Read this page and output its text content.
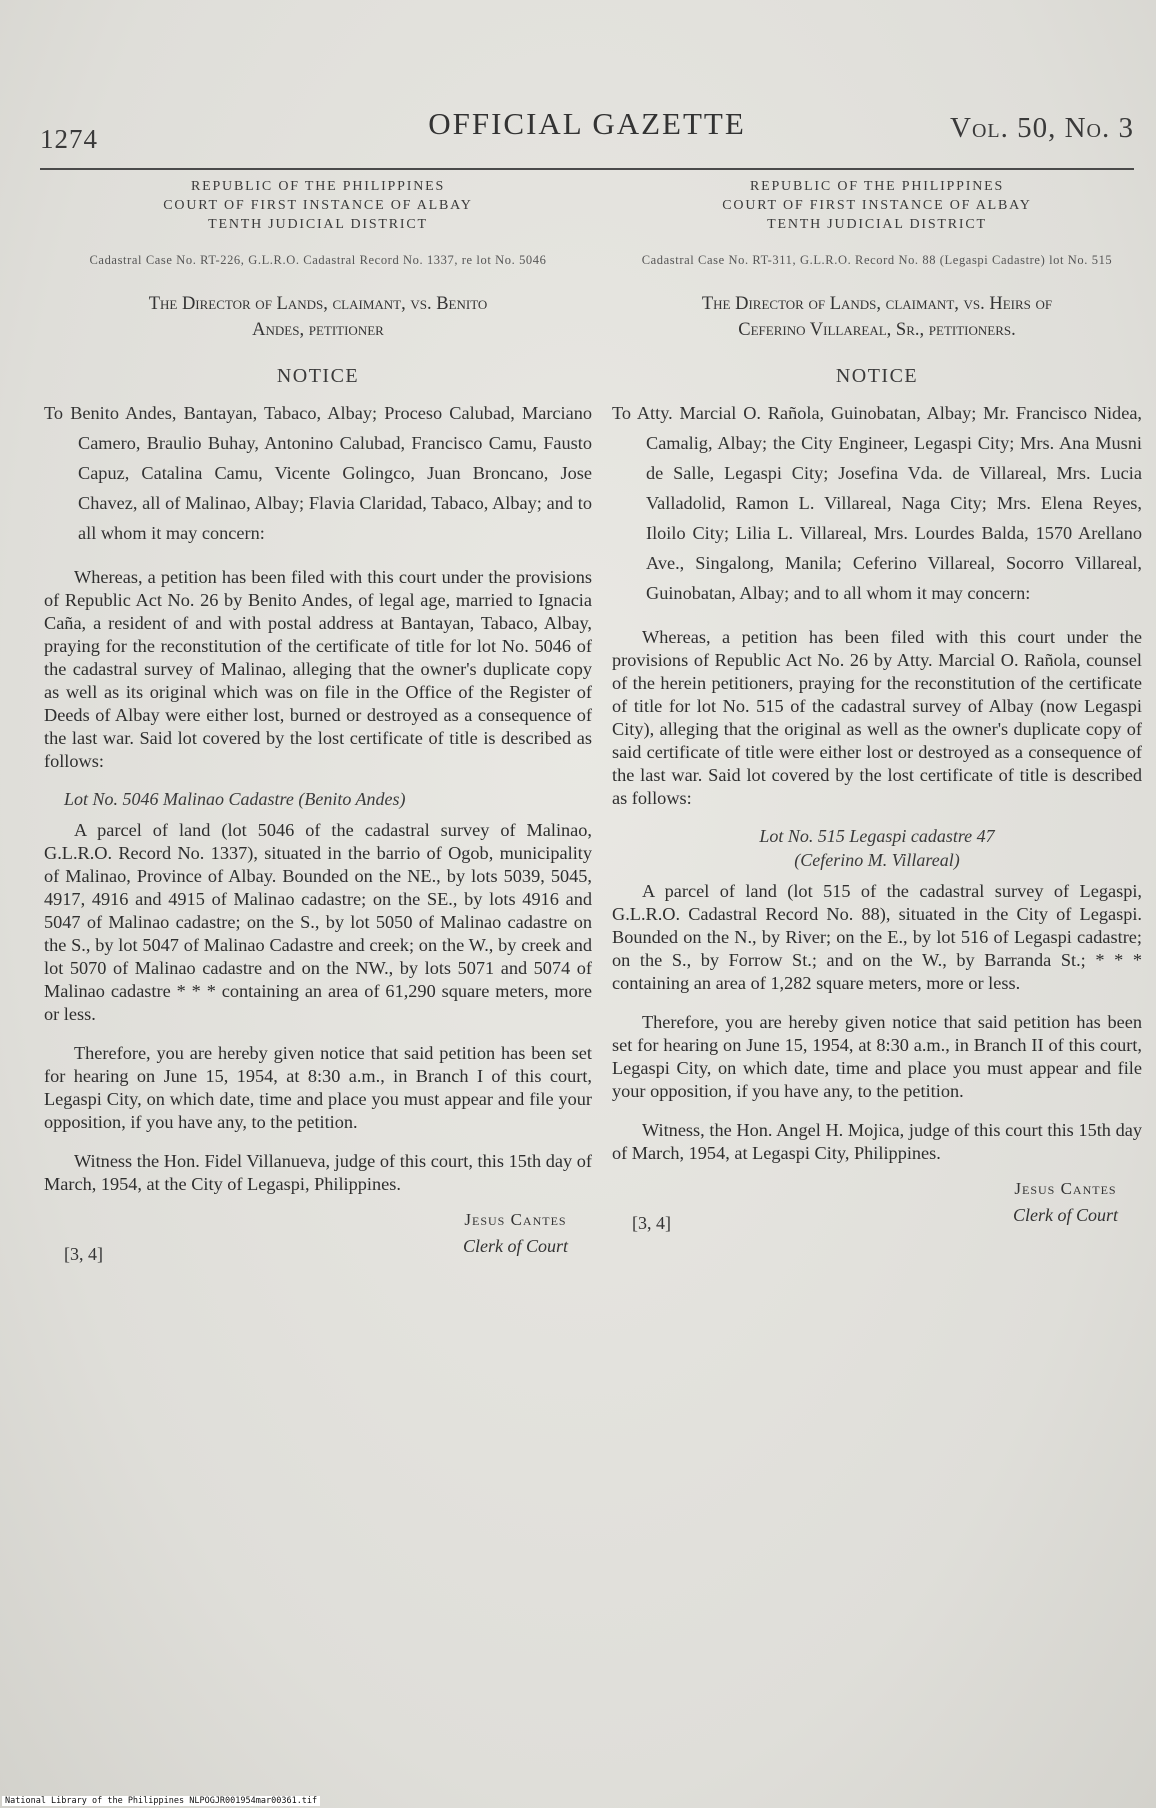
1274	OFFICIAL GAZETTE	Vol. 50, No. 3
REPUBLIC OF THE PHILIPPINES
COURT OF FIRST INSTANCE OF ALBAY
TENTH JUDICIAL DISTRICT
Cadastral Case No. RT-226, G.L.R.O. Cadastral Record No. 1337, re lot No. 5046
The Director of Lands, claimant, vs. Benito
Andes, petitioner
NOTICE

To Benito Andes, Bantayan, Tabaco, Albay; Proceso Calubad, Marciano Camero, Braulio Buhay, Antonino Calubad, Francisco Camu, Fausto Capuz, Catalina Camu, Vicente Golingco, Juan Broncano, Jose Chavez, all of Malinao, Albay; Flavia Claridad, Tabaco, Albay; and to all whom it may concern:

Whereas, a petition has been filed with this court under the provisions of Republic Act No. 26 by Benito Andes, of legal age, married to Ignacia Caña, a resident of and with postal address at Bantayan, Tabaco, Albay, praying for the reconstitution of the certificate of title for lot No. 5046 of the cadastral survey of Malinao, alleging that the owner's duplicate copy as well as its original which was on file in the Office of the Register of Deeds of Albay were either lost, burned or destroyed as a consequence of the last war. Said lot covered by the lost certificate of title is described as follows:

Lot No. 5046 Malinao Cadastre (Benito Andes)

A parcel of land (lot 5046 of the cadastral survey of Malinao, G.L.R.O. Record No. 1337), situated in the barrio of Ogob, municipality of Malinao, Province of Albay. Bounded on the NE., by lots 5039, 5045, 4917, 4916 and 4915 of Malinao cadastre; on the SE., by lots 4916 and 5047 of Malinao cadastre; on the S., by lot 5050 of Malinao cadastre on the S., by lot 5047 of Malinao Cadastre and creek; on the W., by creek and lot 5070 of Malinao cadastre and on the NW., by lots 5071 and 5074 of Malinao cadastre * * * containing an area of 61,290 square meters, more or less.

Therefore, you are hereby given notice that said petition has been set for hearing on June 15, 1954, at 8:30 a.m., in Branch I of this court, Legaspi City, on which date, time and place you must appear and file your opposition, if you have any, to the petition.

Witness the Hon. Fidel Villanueva, judge of this court, this 15th day of March, 1954, at the City of Legaspi, Philippines.

[3, 4]
Jesus Cantes
Clerk of Court
REPUBLIC OF THE PHILIPPINES
COURT OF FIRST INSTANCE OF ALBAY
TENTH JUDICIAL DISTRICT
Cadastral Case No. RT-311, G.L.R.O. Record No. 88 (Legaspi Cadastre) lot No. 515
The Director of Lands, claimant, vs. Heirs of
Ceferino Villareal, Sr., petitioners.
NOTICE

To Atty. Marcial O. Rañola, Guinobatan, Albay; Mr. Francisco Nidea, Camalig, Albay; the City Engineer, Legaspi City; Mrs. Ana Musni de Salle, Legaspi City; Josefina Vda. de Villareal, Mrs. Lucia Valladolid, Ramon L. Villareal, Naga City; Mrs. Elena Reyes, Iloilo City; Lilia L. Villareal, Mrs. Lourdes Balda, 1570 Arellano Ave., Singalong, Manila; Ceferino Villareal, Socorro Villareal, Guinobatan, Albay; and to all whom it may concern:

Whereas, a petition has been filed with this court under the provisions of Republic Act No. 26 by Atty. Marcial O. Rañola, counsel of the herein petitioners, praying for the reconstitution of the certificate of title for lot No. 515 of the cadastral survey of Albay (now Legaspi City), alleging that the original as well as the owner's duplicate copy of said certificate of title were either lost or destroyed as a consequence of the last war. Said lot covered by the lost certificate of title is described as follows:

Lot No. 515 Legaspi cadastre 47
(Ceferino M. Villareal)

A parcel of land (lot 515 of the cadastral survey of Legaspi, G.L.R.O. Cadastral Record No. 88), situated in the City of Legaspi. Bounded on the N., by River; on the E., by lot 516 of Legaspi cadastre; on the S., by Forrow St.; and on the W., by Barranda St.; * * * containing an area of 1,282 square meters, more or less.

Therefore, you are hereby given notice that said petition has been set for hearing on June 15, 1954, at 8:30 a.m., in Branch II of this court, Legaspi City, on which date, time and place you must appear and file your opposition, if you have any, to the petition.

Witness, the Hon. Angel H. Mojica, judge of this court this 15th day of March, 1954, at Legaspi City, Philippines.

[3, 4]
Jesus Cantes
Clerk of Court
National Library of the Philippines NLPOGJR001954mar00361.tif
